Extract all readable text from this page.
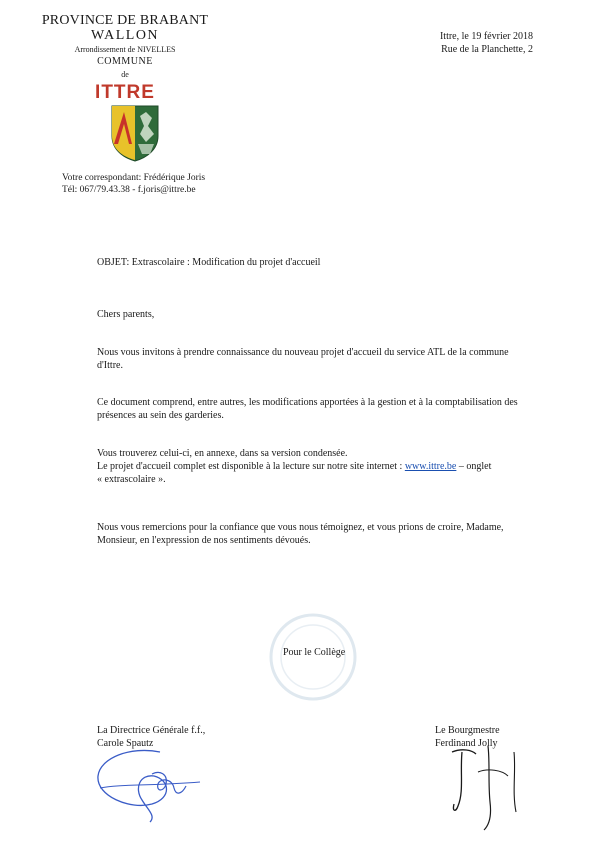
PROVINCE DE BRABANT
WALLON
Arrondissement de NIVELLES
COMMUNE
de
ITTRE
Votre correspondant: Frédérique Joris
Tél: 067/79.43.38 - f.joris@ittre.be
Ittre, le 19 février 2018
Rue de la Planchette, 2
OBJET: Extrascolaire : Modification du projet d'accueil
Chers parents,
Nous vous invitons à prendre connaissance du nouveau projet d'accueil du service ATL de la commune d'Ittre.
Ce document comprend, entre autres, les modifications apportées à la gestion et à la comptabilisation des présences au sein des garderies.
Vous trouverez celui-ci, en annexe, dans sa version condensée.
Le projet d'accueil complet est disponible à la lecture sur notre site internet : www.ittre.be – onglet
« extrascolaire ».
Nous vous remercions pour la confiance que vous nous témoignez, et vous prions de croire, Madame, Monsieur, en l'expression de nos sentiments dévoués.
Pour le Collège
La Directrice Générale f.f.,
Carole Spautz
Le Bourgmestre
Ferdinand Jolly
